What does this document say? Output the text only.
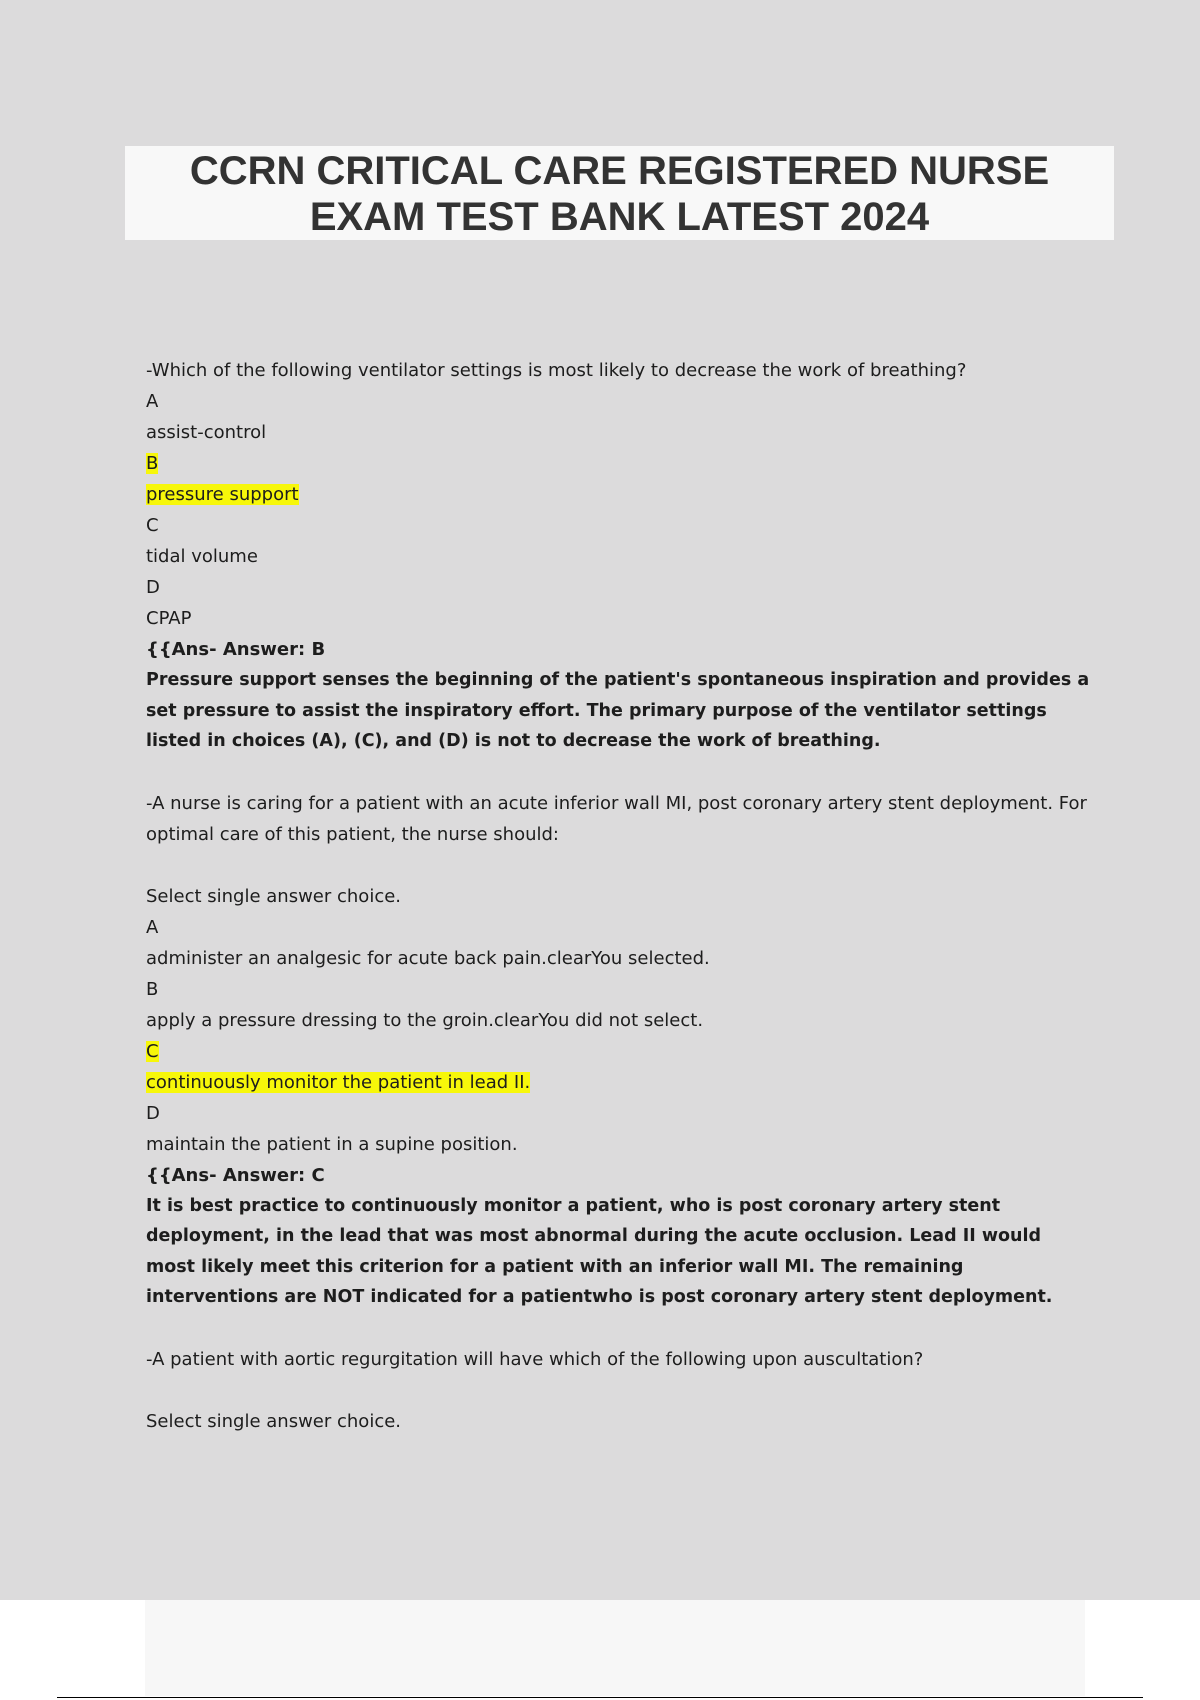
CCRN CRITICAL CARE REGISTERED NURSE
EXAM TEST BANK LATEST 2024
-Which of the following ventilator settings is most likely to decrease the work of breathing?
A
assist-control
B
pressure support
C
tidal volume
D
CPAP
{{Ans- Answer: B

Pressure support senses the beginning of the patient's spontaneous inspiration and provides a set pressure to assist the inspiratory effort. The primary purpose of the ventilator settings listed in choices (A), (C), and (D) is not to decrease the work of breathing.

-A nurse is caring for a patient with an acute inferior wall MI, post coronary artery stent deployment. For optimal care of this patient, the nurse should:

Select single answer choice.
A
administer an analgesic for acute back pain.clearYou selected.
B
apply a pressure dressing to the groin.clearYou did not select.
C
continuously monitor the patient in lead II.
D
maintain the patient in a supine position.
{{Ans- Answer: C

It is best practice to continuously monitor a patient, who is post coronary artery stent deployment, in the lead that was most abnormal during the acute occlusion. Lead II would most likely meet this criterion for a patient with an inferior wall MI. The remaining interventions are NOT indicated for a patientwho is post coronary artery stent deployment.

-A patient with aortic regurgitation will have which of the following upon auscultation?
Select single answer choice.
